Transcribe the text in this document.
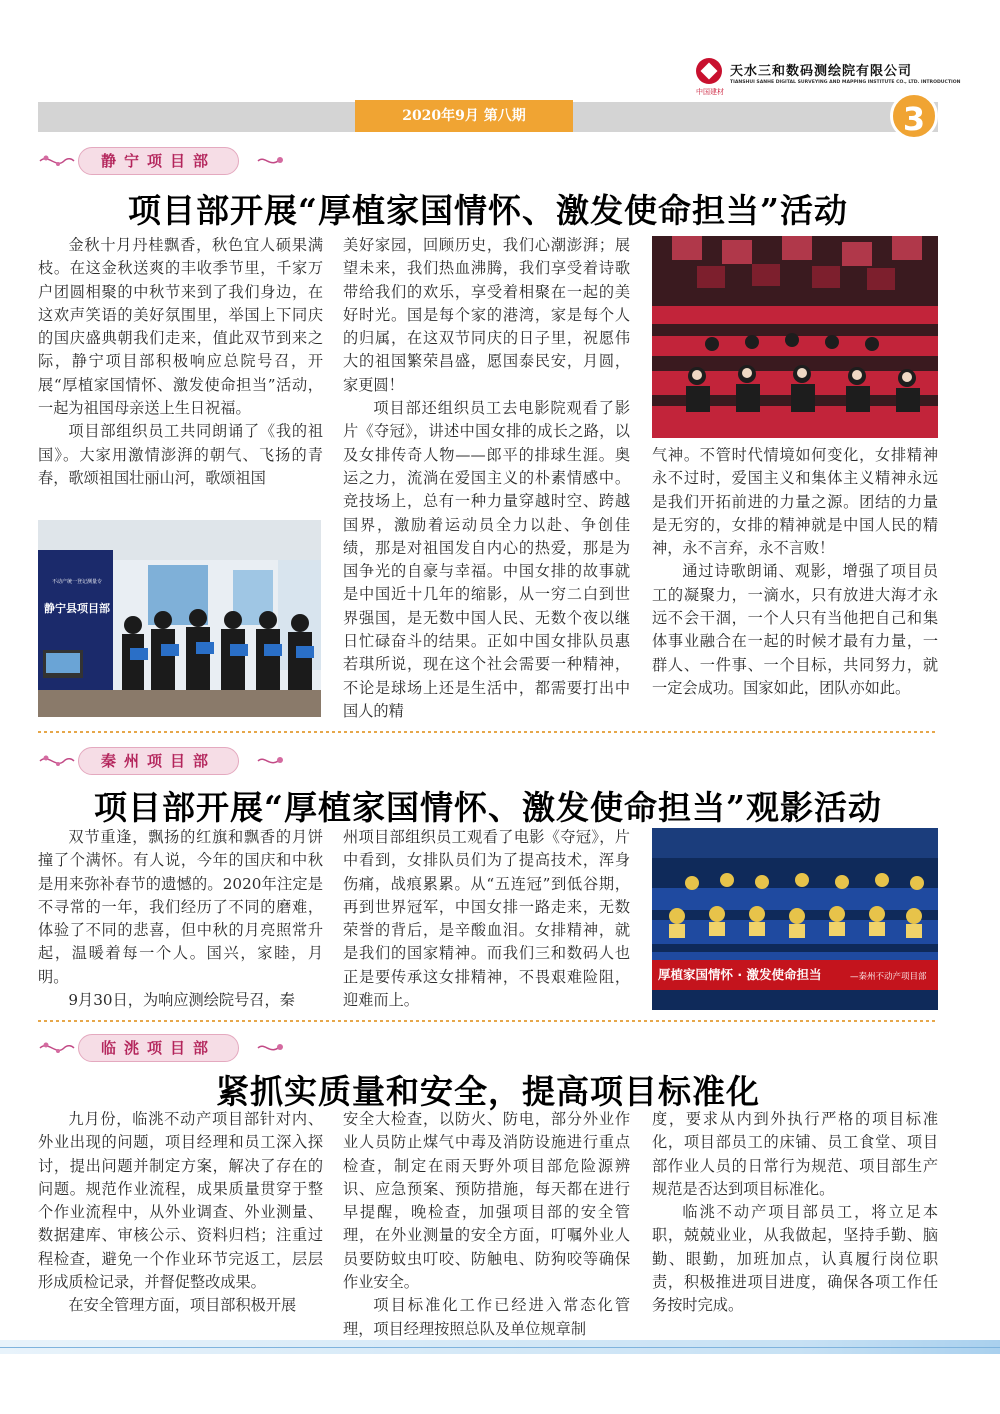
中国建材
天水三和数码测绘院有限公司
TIANSHUI SANHE DIGITAL SURVEYING AND MAPPING INSTITUTE CO., LTD. INTRODUCTION
2020年9月 第八期	3
静宁项目部
项目部开展“厚植家国情怀、激发使命担当”活动

金秋十月丹桂飘香，秋色宜人硕果满枝。在这金秋送爽的丰收季节里，千家万户团圆相聚的中秋节来到了我们身边，在这欢声笑语的美好氛围里，举国上下同庆的国庆盛典朝我们走来，值此双节到来之际，静宁项目部积极响应总院号召，开展“厚植家国情怀、激发使命担当”活动，一起为祖国母亲送上生日祝福。

项目部组织员工共同朗诵了《我的祖国》。大家用激情澎湃的朝气、飞扬的青春，歌颂祖国壮丽山河，歌颂祖国

静宁县项目部
不动产统一登记测量专

美好家园，回顾历史，我们心潮澎湃；展望未来，我们热血沸腾，我们享受着诗歌带给我们的欢乐，享受着相聚在一起的美好时光。国是每个家的港湾，家是每个人的归属，在这双节同庆的日子里，祝愿伟大的祖国繁荣昌盛，愿国泰民安，月圆，家更圆！

项目部还组织员工去电影院观看了影片《夺冠》，讲述中国女排的成长之路，以及女排传奇人物——郎平的排球生涯。奥运之力，流淌在爱国主义的朴素情感中。竞技场上，总有一种力量穿越时空、跨越国界，激励着运动员全力以赴、争创佳绩，那是对祖国发自内心的热爱，那是为国争光的自豪与幸福。中国女排的故事就是中国近十几年的缩影，从一穷二白到世界强国，是无数中国人民、无数个夜以继日忙碌奋斗的结果。正如中国女排队员惠若琪所说，现在这个社会需要一种精神，不论是球场上还是生活中，都需要打出中国人的精

气神。不管时代情境如何变化，女排精神永不过时，爱国主义和集体主义精神永远是我们开拓前进的力量之源。团结的力量是无穷的，女排的精神就是中国人民的精神，永不言弃，永不言败！

通过诗歌朗诵、观影，增强了项目员工的凝聚力，一滴水，只有放进大海才永远不会干涸，一个人只有当他把自己和集体事业融合在一起的时候才最有力量，一群人、一件事、一个目标，共同努力，就一定会成功。国家如此，团队亦如此。

秦州项目部
项目部开展“厚植家国情怀、激发使命担当”观影活动

双节重逢，飘扬的红旗和飘香的月饼撞了个满怀。有人说，今年的国庆和中秋是用来弥补春节的遗憾的。2020年注定是不寻常的一年，我们经历了不同的磨难，体验了不同的悲喜，但中秋的月亮照常升起，温暖着每一个人。国兴，家睦，月明。

9月30日，为响应测绘院号召，秦

州项目部组织员工观看了电影《夺冠》，片中看到，女排队员们为了提高技术，浑身伤痛，战痕累累。从“五连冠”到低谷期，再到世界冠军，中国女排一路走来，无数荣誉的背后，是辛酸血泪。女排精神，就是我们的国家精神。而我们三和数码人也正是要传承这女排精神，不畏艰难险阻，迎难而上。

厚植家国情怀 · 激发使命担当	—秦州不动产项目部
临洮项目部
紧抓实质量和安全，提高项目标准化

九月份，临洮不动产项目部针对内、外业出现的问题，项目经理和员工深入探讨，提出问题并制定方案，解决了存在的问题。规范作业流程，成果质量贯穿于整个作业流程中，从外业调查、外业测量、数据建库、审核公示、资料归档；注重过程检查，避免一个作业环节完返工，层层形成质检记录，并督促整改成果。

在安全管理方面，项目部积极开展

安全大检查，以防火、防电，部分外业作业人员防止煤气中毒及消防设施进行重点检查，制定在雨天野外项目部危险源辨识、应急预案、预防措施，每天都在进行早提醒，晚检查，加强项目部的安全管理，在外业测量的安全方面，叮嘱外业人员要防蚊虫叮咬、防触电、防狗咬等确保作业安全。

项目标准化工作已经进入常态化管理，项目经理按照总队及单位规章制

度，要求从内到外执行严格的项目标准化，项目部员工的床铺、员工食堂、项目部作业人员的日常行为规范、项目部生产规范是否达到项目标准化。

临洮不动产项目部员工，将立足本职，兢兢业业，从我做起，坚持手勤、脑勤、眼勤，加班加点，认真履行岗位职责，积极推进项目进度，确保各项工作任务按时完成。
